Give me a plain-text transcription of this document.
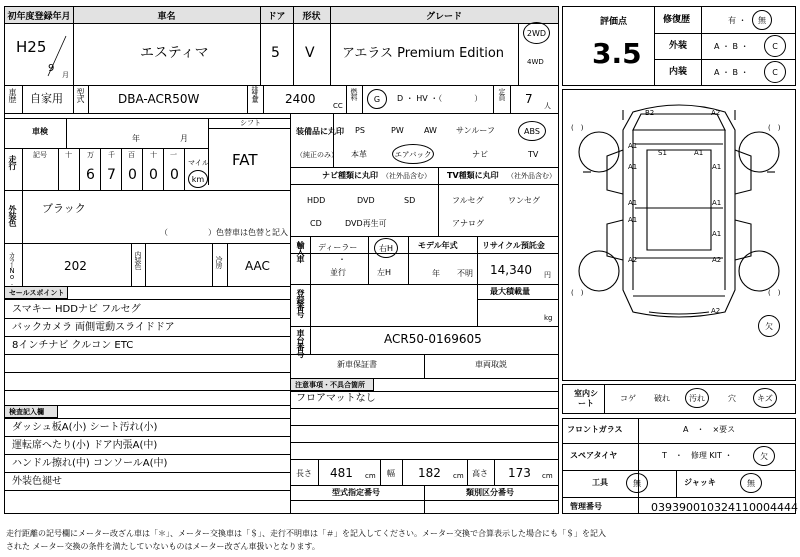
初年度登録年月	車名	ドア	形状	グレード
H25
9
月
エスティマ	5 V アエラス Premium Edition
2WD
4WD
車歴 自家用 型式	DBA-ACR50W	排気量 2400 CC
燃料	G	D ・ HV ・（　　　　） 定員 7 人
車検
年	月
シフト
FAT
走行 記号	十 万 千 百 十 一
マイル
6 7 0 0 0	km
外装色 ブラック
（　　　　　）色替車は色替と記入
カラーNo.	202	内装色	冷房 AAC
セールスポイント
スマキー HDDナビ フルセグ
バックカメラ 両側電動スライドドア
8インチナビ クルコン ETC
検査記入欄
ダッシュ板A(小) シート汚れ(小)
運転席へたり(小) ドア内張A(中)
ハンドル擦れ(中) コンソールA(中)
外装色褪せ
装備品に丸印
（純正のみ）
PS	PW	AW サンルーフ	ABS
本革	エアバック	ナビ	TV
ナビ種類に丸印 （社外品含む） TV種類に丸印 （社外品含む）
HDD	DVD	SD
CD	DVD再生可
フルセグ	ワンセグ
アナログ
輸入車 ディーラー
・
並行
右H
左H
モデル年式
年 不明
リサイクル預託金
14,340 円
登録番号	最大積載量
kg
車台番号	ACR50-0169605
新車保証書	車両取説
注意事項・不具合箇所
フロアマットなし
長さ 481 cm 幅 182 cm 高さ 173 cm
型式指定番号	類別区分番号
評価点
3.5
修復歴	有 ・	無
外装	A ・ B ・	C
内装	A ・ B ・	C
B2	A2
A1
S1	A1
A1	A1
A1	A1
A1
A1
A2	A2
A2
(　)	(　)
(　)	(　)
欠
室内シート
コゲ 破れ	汚れ	穴	キズ
フロントガラス	A　・　×要ス
スペアタイヤ	T　・　修理 KIT ・	欠
工具	無	ジャッキ	無
管理番号	039390010324110004444
走行距離の記号欄にメーター改ざん車は「＊」、メーター交換車は「＄」、走行不明車は「＃」を記入してください。メーター交換で合算表示した場合にも「＄」を記入
された メーター交換の条件を満たしていないものはメーター改ざん車扱いとなります。
